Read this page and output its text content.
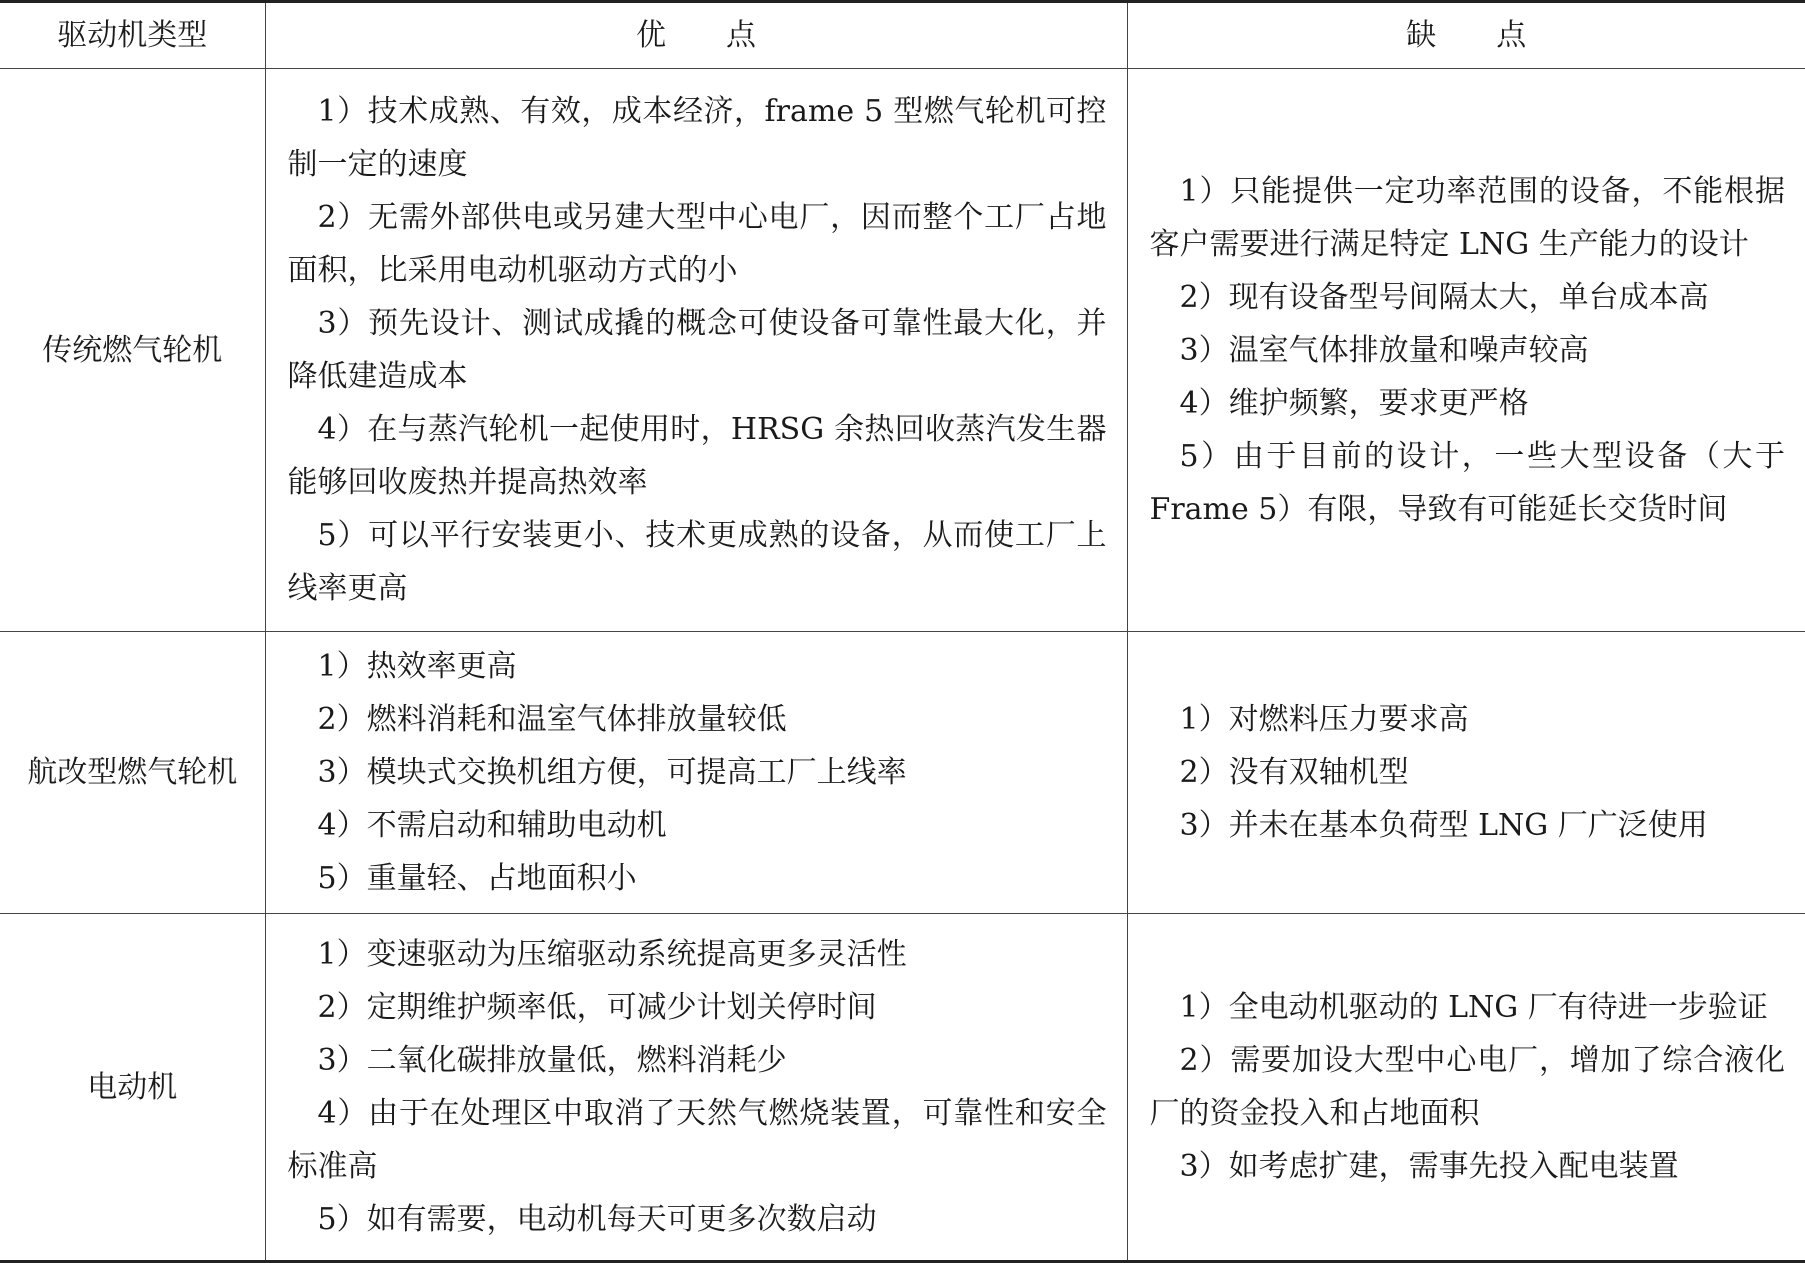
驱动机类型	优　　点	缺　　点
传统燃气轮机	1）技术成熟、有效，成本经济，frame 5 型燃气轮机可控制一定的速度
2）无需外部供电或另建大型中心电厂，因而整个工厂占地面积，比采用电动机驱动方式的小
3）预先设计、测试成撬的概念可使设备可靠性最大化，并降低建造成本
4）在与蒸汽轮机一起使用时，HRSG 余热回收蒸汽发生器能够回收废热并提高热效率
5）可以平行安装更小、技术更成熟的设备，从而使工厂上线率更高	1）只能提供一定功率范围的设备，不能根据客户需要进行满足特定 LNG 生产能力的设计
2）现有设备型号间隔太大，单台成本高
3）温室气体排放量和噪声较高
4）维护频繁，要求更严格
5）由于目前的设计，一些大型设备（大于 Frame 5）有限，导致有可能延长交货时间

航改型燃气轮机	1）热效率更高
2）燃料消耗和温室气体排放量较低
3）模块式交换机组方便，可提高工厂上线率
4）不需启动和辅助电动机
5）重量轻、占地面积小	1）对燃料压力要求高
2）没有双轴机型
3）并未在基本负荷型 LNG 厂广泛使用

电动机	1）变速驱动为压缩驱动系统提高更多灵活性
2）定期维护频率低，可减少计划关停时间
3）二氧化碳排放量低，燃料消耗少
4）由于在处理区中取消了天然气燃烧装置，可靠性和安全标准高
5）如有需要，电动机每天可更多次数启动	1）全电动机驱动的 LNG 厂有待进一步验证
2）需要加设大型中心电厂，增加了综合液化厂的资金投入和占地面积
3）如考虑扩建，需事先投入配电装置
